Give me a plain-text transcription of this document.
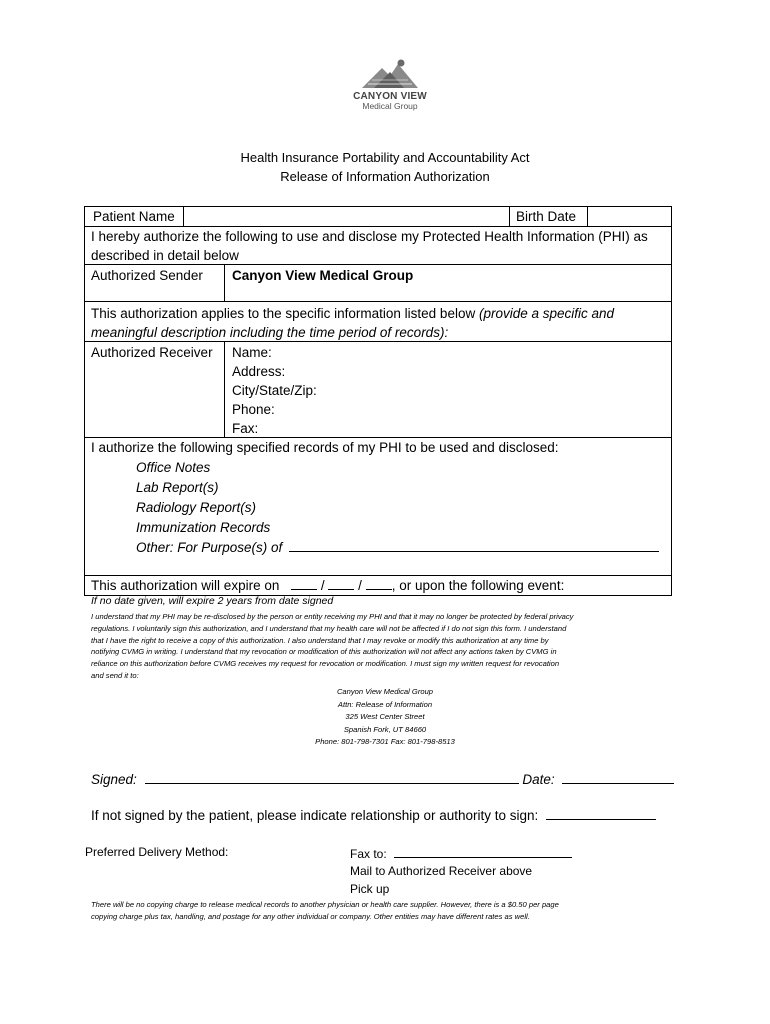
CANYON VIEW
Medical Group
Health Insurance Portability and Accountability Act
Release of Information Authorization
Patient Name	Birth Date
I hereby authorize the following to use and disclose my Protected Health Information (PHI) as
described in detail below
Authorized Sender Canyon View Medical Group
This authorization applies to the specific information listed below (provide a specific and
meaningful description including the time period of records):
Authorized Receiver Name:
Address:
City/State/Zip:
Phone:
Fax:
I authorize the following specified records of my PHI to be used and disclosed:
Office Notes
Lab Report(s)
Radiology Report(s)
Immunization Records
Other: For Purpose(s) of
This authorization will expire on	/ / , or upon the following event:
If no date given, will expire 2 years from date signed
I understand that my PHI may be re-disclosed by the person or entity receiving my PHI and that it may no longer be protected by federal privacy
regulations. I voluntarily sign this authorization, and I understand that my health care will not be affected if I do not sign this form. I understand
that I have the right to receive a copy of this authorization. I also understand that I may revoke or modify this authorization at any time by
notifying CVMG in writing. I understand that my revocation or modification of this authorization will not affect any actions taken by CVMG in
reliance on this authorization before CVMG receives my request for revocation or modification. I must sign my written request for revocation
and send it to:
Canyon View Medical Group
Attn: Release of Information
325 West Center Street
Spanish Fork, UT 84660
Phone: 801-798-7301 Fax: 801-798-8513
Signed:	Date:
If not signed by the patient, please indicate relationship or authority to sign:
Preferred Delivery Method:	Fax to:
Mail to Authorized Receiver above
Pick up
There will be no copying charge to release medical records to another physician or health care supplier. However, there is a $0.50 per page
copying charge plus tax, handling, and postage for any other individual or company. Other entities may have different rates as well.
